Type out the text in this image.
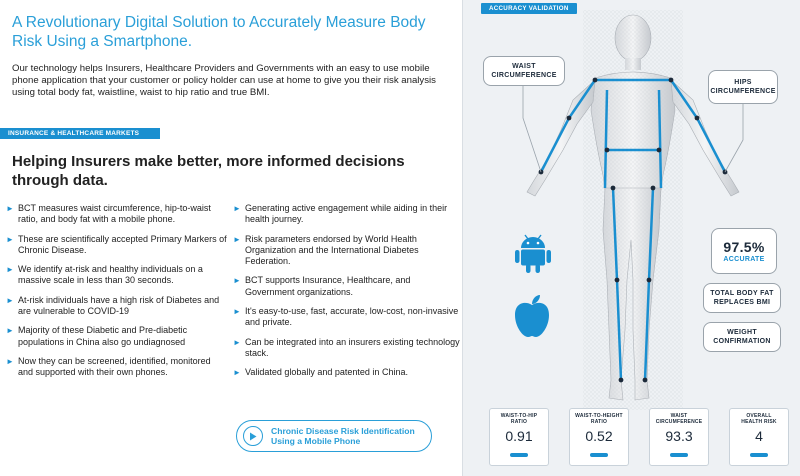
A Revolutionary Digital Solution to Accurately Measure Body Risk Using a Smartphone.

Our technology helps Insurers, Healthcare Providers and Governments with an easy to use mobile phone application that your customer or policy holder can use at home to give you their risk analysis using total body fat, waistline, waist to hip ratio and true BMI.

INSURANCE & HEALTHCARE MARKETS
Helping Insurers make better, more informed decisions through data.
► BCT measures waist circumference, hip-to-waist ratio, and body fat with a mobile phone.
► These are scientifically accepted Primary Markers of Chronic Disease.
► We identify at-risk and healthy individuals on a massive scale in less than 30 seconds.
► At-risk individuals have a high risk of Diabetes and are vulnerable to COVID-19
► Majority of these Diabetic and Pre-diabetic populations in China also go undiagnosed
► Now they can be screened, identified, monitored and supported with their own phones.
► Generating active engagement while aiding in their health journey.
► Risk parameters endorsed by World Health Organization and the International Diabetes Federation.
► BCT supports Insurance, Healthcare, and Government organizations.
► It's easy-to-use, fast, accurate, low-cost, non-invasive and private.
► Can be integrated into an insurers existing technology stack.
► Validated globally and patented in China.
Chronic Disease Risk Identification
Using a Mobile Phone
ACCURACY VALIDATION
WAIST
CIRCUMFERENCE
HIPS
CIRCUMFERENCE
97.5%
ACCURATE
TOTAL BODY FAT
REPLACES BMI
WEIGHT
CONFIRMATION
WAIST-TO-HIP
RATIO
0.91
WAIST-TO-HEIGHT
RATIO
0.52
WAIST
CIRCUMFERENCE
93.3
OVERALL
HEALTH RISK
4
